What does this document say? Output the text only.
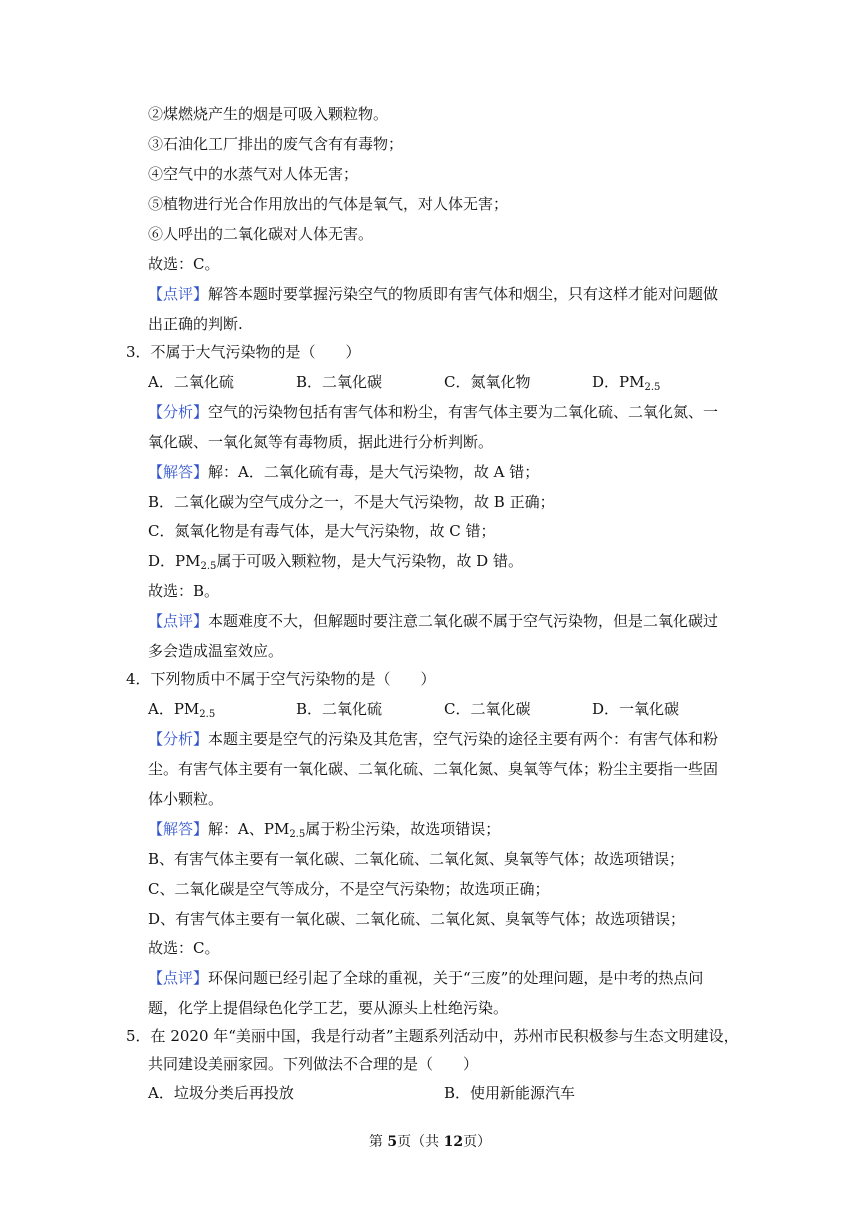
②煤燃烧产生的烟是可吸入颗粒物。
③石油化工厂排出的废气含有有毒物；
④空气中的水蒸气对人体无害；
⑤植物进行光合作用放出的气体是氧气，对人体无害；
⑥人呼出的二氧化碳对人体无害。
故选：C。
【点评】解答本题时要掌握污染空气的物质即有害气体和烟尘，只有这样才能对问题做
出正确的判断.
3．不属于大气污染物的是（　　）
A．二氧化硫	B．二氧化碳	C．氮氧化物	D．$PM_{2.5}$
【分析】空气的污染物包括有害气体和粉尘，有害气体主要为二氧化硫、二氧化氮、一
氧化碳、一氧化氮等有毒物质，据此进行分析判断。
【解答】解：A．二氧化硫有毒，是大气污染物，故 A 错；
B．二氧化碳为空气成分之一，不是大气污染物，故 B 正确；
C．氮氧化物是有毒气体，是大气污染物，故 C 错；
D．$PM_{2.5}$属于可吸入颗粒物，是大气污染物，故 D 错。
故选：B。
【点评】本题难度不大，但解题时要注意二氧化碳不属于空气污染物，但是二氧化碳过
多会造成温室效应。
4．下列物质中不属于空气污染物的是（　　）
A．$PM_{2.5}$	B．二氧化硫	C．二氧化碳	D．一氧化碳
【分析】本题主要是空气的污染及其危害，空气污染的途径主要有两个：有害气体和粉
尘。有害气体主要有一氧化碳、二氧化硫、二氧化氮、臭氧等气体；粉尘主要指一些固
体小颗粒。
【解答】解：A、$PM_{2.5}$属于粉尘污染，故选项错误；
B、有害气体主要有一氧化碳、二氧化硫、二氧化氮、臭氧等气体；故选项错误；
C、二氧化碳是空气等成分，不是空气污染物；故选项正确；
D、有害气体主要有一氧化碳、二氧化硫、二氧化氮、臭氧等气体；故选项错误；
故选：C。
【点评】环保问题已经引起了全球的重视，关于“三废”的处理问题，是中考的热点问
题，化学上提倡绿色化学工艺，要从源头上杜绝污染。
5．在 2020 年“美丽中国，我是行动者”主题系列活动中，苏州市民积极参与生态文明建设，
共同建设美丽家园。下列做法不合理的是（　　）
A．垃圾分类后再投放	B．使用新能源汽车
第 5页（共 12页）
